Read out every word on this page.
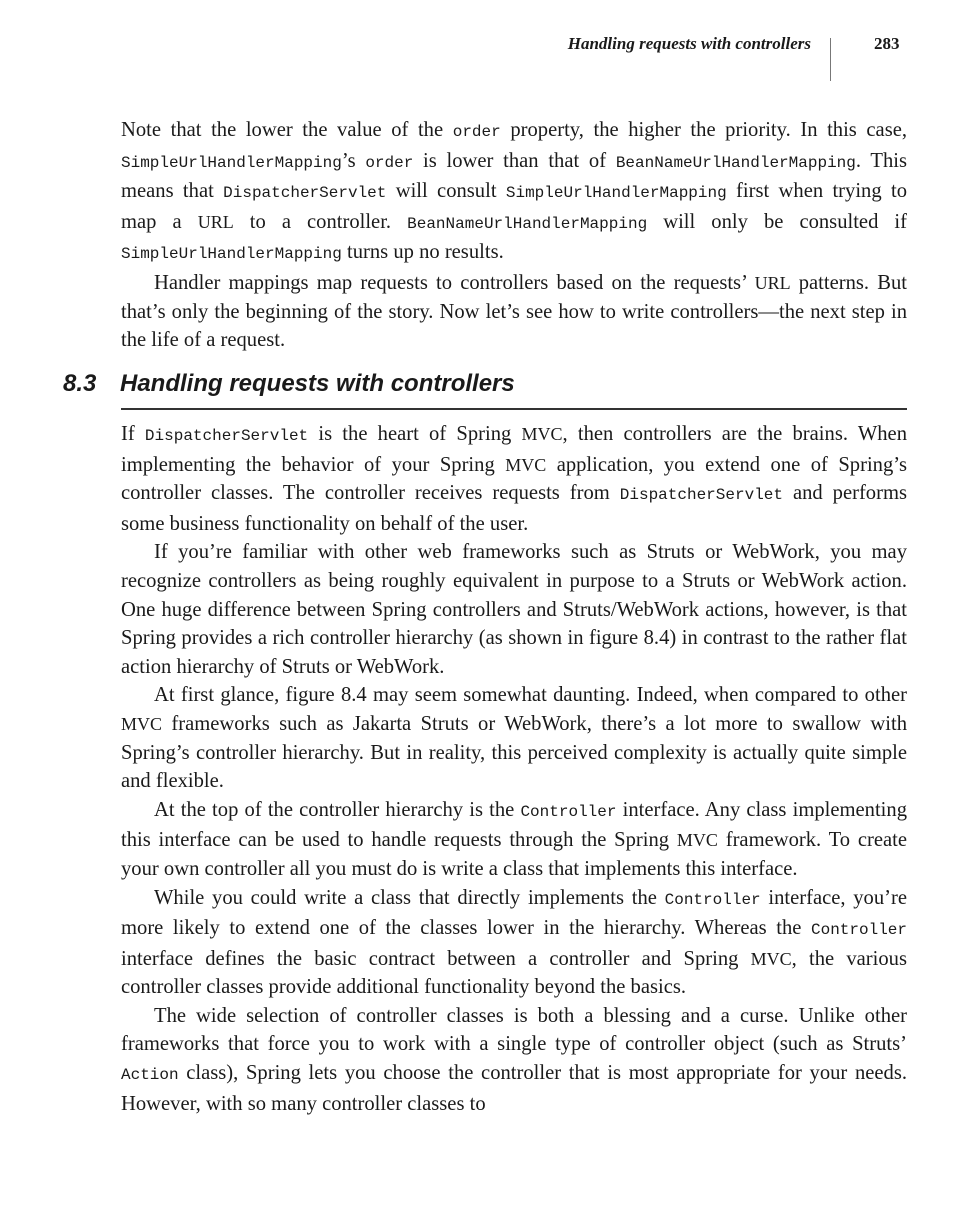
Handling requests with controllers	283

Note that the lower the value of the order property, the higher the priority. In this case, SimpleUrlHandlerMapping’s order is lower than that of BeanNameUrlHandlerMapping. This means that DispatcherServlet will consult SimpleUrlHandlerMapping first when trying to map a URL to a controller. BeanNameUrlHandlerMapping will only be consulted if SimpleUrlHandlerMapping turns up no results.

Handler mappings map requests to controllers based on the requests’ URL patterns. But that’s only the beginning of the story. Now let’s see how to write controllers—the next step in the life of a request.

8.3 Handling requests with controllers

If DispatcherServlet is the heart of Spring MVC, then controllers are the brains. When implementing the behavior of your Spring MVC application, you extend one of Spring’s controller classes. The controller receives requests from DispatcherServlet and performs some business functionality on behalf of the user.

If you’re familiar with other web frameworks such as Struts or WebWork, you may recognize controllers as being roughly equivalent in purpose to a Struts or WebWork action. One huge difference between Spring controllers and Struts/WebWork actions, however, is that Spring provides a rich controller hierarchy (as shown in figure 8.4) in contrast to the rather flat action hierarchy of Struts or WebWork.

At first glance, figure 8.4 may seem somewhat daunting. Indeed, when compared to other MVC frameworks such as Jakarta Struts or WebWork, there’s a lot more to swallow with Spring’s controller hierarchy. But in reality, this perceived complexity is actually quite simple and flexible.

At the top of the controller hierarchy is the Controller interface. Any class implementing this interface can be used to handle requests through the Spring MVC framework. To create your own controller all you must do is write a class that implements this interface.

While you could write a class that directly implements the Controller interface, you’re more likely to extend one of the classes lower in the hierarchy. Whereas the Controller interface defines the basic contract between a controller and Spring MVC, the various controller classes provide additional functionality beyond the basics.

The wide selection of controller classes is both a blessing and a curse. Unlike other frameworks that force you to work with a single type of controller object (such as Struts’ Action class), Spring lets you choose the controller that is most appropriate for your needs. However, with so many controller classes to
